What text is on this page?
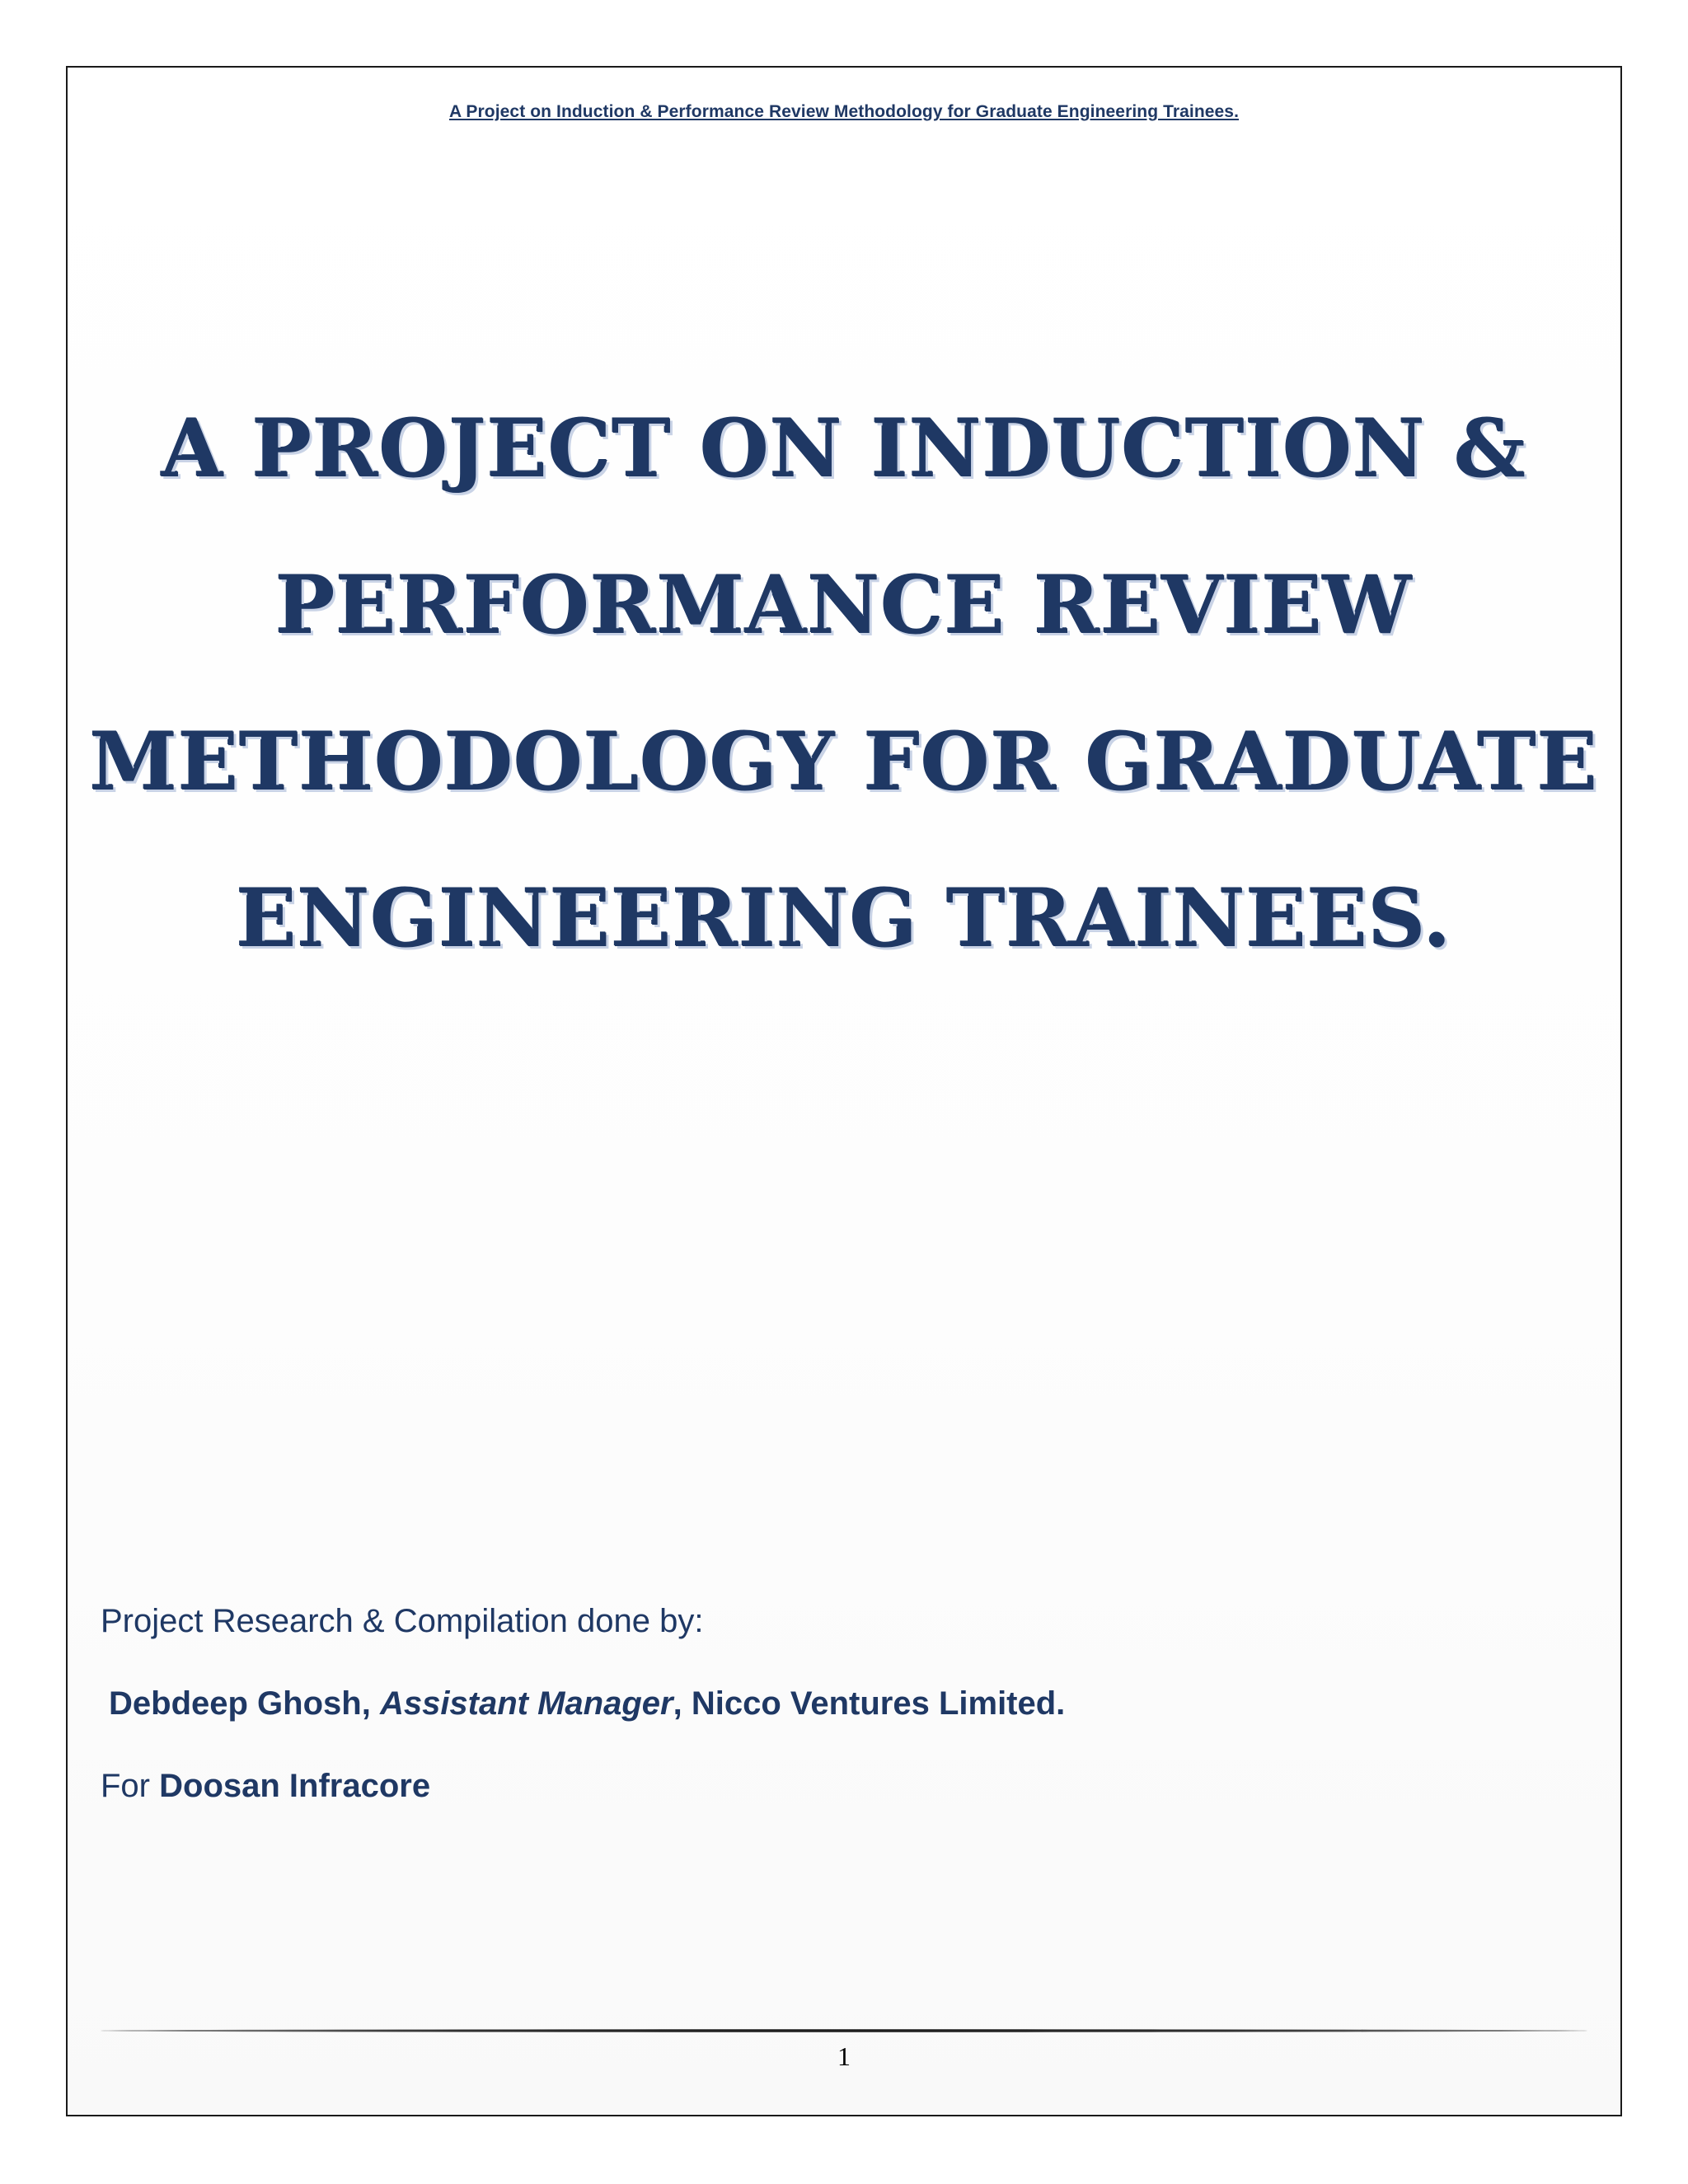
A Project on Induction & Performance Review Methodology for Graduate Engineering Trainees.
A PROJECT ON INDUCTION &
PERFORMANCE REVIEW
METHODOLOGY FOR GRADUATE
ENGINEERING TRAINEES.
Project Research & Compilation done by:
Debdeep Ghosh, Assistant Manager, Nicco Ventures Limited.
For Doosan Infracore
1
